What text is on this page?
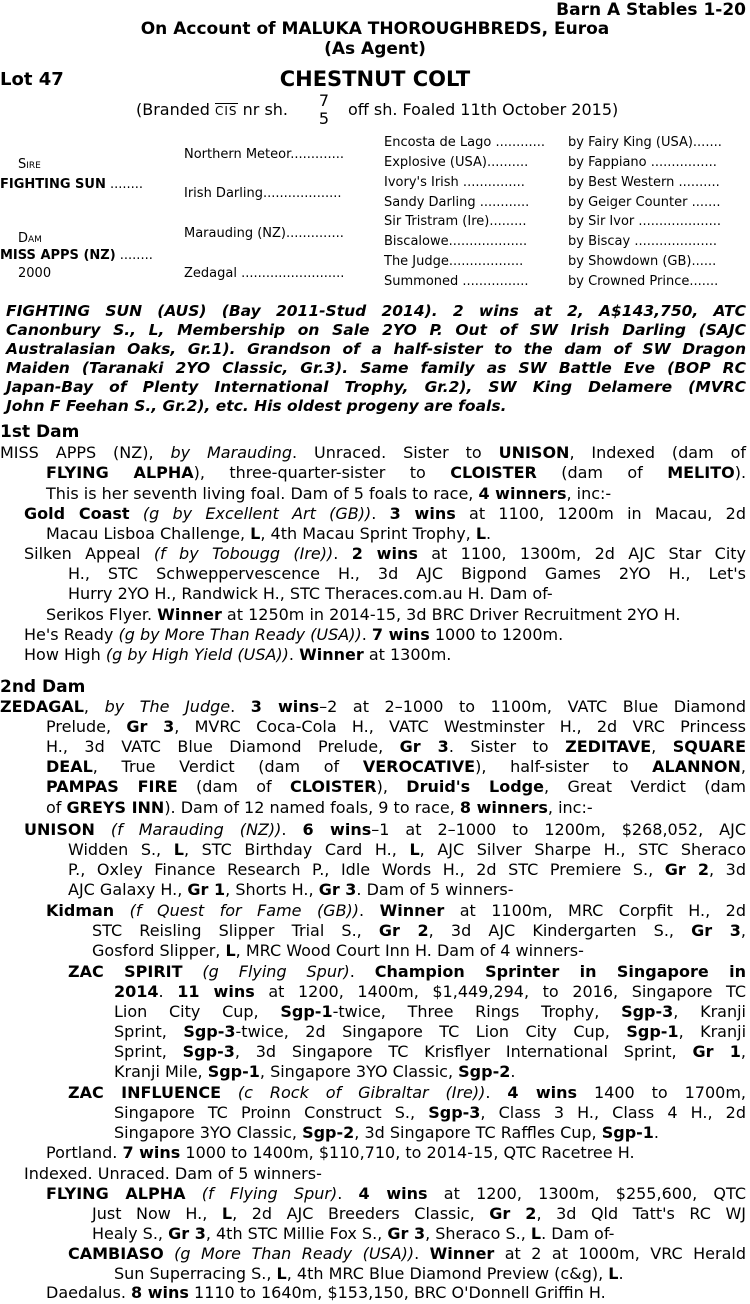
Barn A Stables 1-20
On Account of MALUKA THOROUGHBREDS, Euroa
(As Agent)
Lot 47	CHESTNUT COLT
(Branded CIS nr sh. 7
5 off sh. Foaled 11th October 2015)
Sire
FIGHTING SUN ........
Dam
MISS APPS (NZ) ........
2000
Northern Meteor.............
Irish Darling...................
Marauding (NZ)..............
Zedagal .........................
Encosta de Lago ............ by Fairy King (USA).......
Explosive (USA)..........	by Fappiano ................
Ivory's Irish ...............	by Best Western ..........
Sandy Darling ............	by Geiger Counter .......
Sir Tristram (Ire).........	by Sir Ivor ....................
Biscalowe...................	by Biscay ....................
The Judge..................	by Showdown (GB)......
Summoned ................	by Crowned Prince.......
FIGHTING SUN (AUS) (Bay 2011-Stud 2014). 2 wins at 2, A$143,750, ATC
Canonbury S., L, Membership on Sale 2YO P. Out of SW Irish Darling (SAJC
Australasian Oaks, Gr.1). Grandson of a half-sister to the dam of SW Dragon
Maiden (Taranaki 2YO Classic, Gr.3). Same family as SW Battle Eve (BOP RC
Japan-Bay of Plenty International Trophy, Gr.2), SW King Delamere (MVRC
John F Feehan S., Gr.2), etc. His oldest progeny are foals.
1st Dam
MISS APPS (NZ), by Marauding. Unraced. Sister to UNISON, Indexed (dam of
FLYING ALPHA), three-quarter-sister to CLOISTER (dam of MELITO).
This is her seventh living foal. Dam of 5 foals to race, 4 winners, inc:-
Gold Coast (g by Excellent Art (GB)). 3 wins at 1100, 1200m in Macau, 2d
Macau Lisboa Challenge, L, 4th Macau Sprint Trophy, L.
Silken Appeal (f by Tobougg (Ire)). 2 wins at 1100, 1300m, 2d AJC Star City
H., STC Schweppervescence H., 3d AJC Bigpond Games 2YO H., Let's
Hurry 2YO H., Randwick H., STC Theraces.com.au H. Dam of-
Serikos Flyer. Winner at 1250m in 2014-15, 3d BRC Driver Recruitment 2YO H.
He's Ready (g by More Than Ready (USA)). 7 wins 1000 to 1200m.
How High (g by High Yield (USA)). Winner at 1300m.
2nd Dam
ZEDAGAL, by The Judge. 3 wins–2 at 2–1000 to 1100m, VATC Blue Diamond
Prelude, Gr 3, MVRC Coca-Cola H., VATC Westminster H., 2d VRC Princess
H., 3d VATC Blue Diamond Prelude, Gr 3. Sister to ZEDITAVE, SQUARE
DEAL, True Verdict (dam of VEROCATIVE), half-sister to ALANNON,
PAMPAS FIRE (dam of CLOISTER), Druid's Lodge, Great Verdict (dam
of GREYS INN). Dam of 12 named foals, 9 to race, 8 winners, inc:-
UNISON (f Marauding (NZ)). 6 wins–1 at 2–1000 to 1200m, $268,052, AJC
Widden S., L, STC Birthday Card H., L, AJC Silver Sharpe H., STC Sheraco
P., Oxley Finance Research P., Idle Words H., 2d STC Premiere S., Gr 2, 3d
AJC Galaxy H., Gr 1, Shorts H., Gr 3. Dam of 5 winners-
Kidman (f Quest for Fame (GB)). Winner at 1100m, MRC Corpfit H., 2d
STC Reisling Slipper Trial S., Gr 2, 3d AJC Kindergarten S., Gr 3,
Gosford Slipper, L, MRC Wood Court Inn H. Dam of 4 winners-
ZAC SPIRIT (g Flying Spur). Champion Sprinter in Singapore in
2014. 11 wins at 1200, 1400m, $1,449,294, to 2016, Singapore TC
Lion City Cup, Sgp-1-twice, Three Rings Trophy, Sgp-3, Kranji
Sprint, Sgp-3-twice, 2d Singapore TC Lion City Cup, Sgp-1, Kranji
Sprint, Sgp-3, 3d Singapore TC Krisflyer International Sprint, Gr 1,
Kranji Mile, Sgp-1, Singapore 3YO Classic, Sgp-2.
ZAC INFLUENCE (c Rock of Gibraltar (Ire)). 4 wins 1400 to 1700m,
Singapore TC Proinn Construct S., Sgp-3, Class 3 H., Class 4 H., 2d
Singapore 3YO Classic, Sgp-2, 3d Singapore TC Raffles Cup, Sgp-1.
Portland. 7 wins 1000 to 1400m, $110,710, to 2014-15, QTC Racetree H.
Indexed. Unraced. Dam of 5 winners-
FLYING ALPHA (f Flying Spur). 4 wins at 1200, 1300m, $255,600, QTC
Just Now H., L, 2d AJC Breeders Classic, Gr 2, 3d Qld Tatt's RC WJ
Healy S., Gr 3, 4th STC Millie Fox S., Gr 3, Sheraco S., L. Dam of-
CAMBIASO (g More Than Ready (USA)). Winner at 2 at 1000m, VRC Herald
Sun Superracing S., L, 4th MRC Blue Diamond Preview (c&g), L.
Daedalus. 8 wins 1110 to 1640m, $153,150, BRC O'Donnell Griffin H.
